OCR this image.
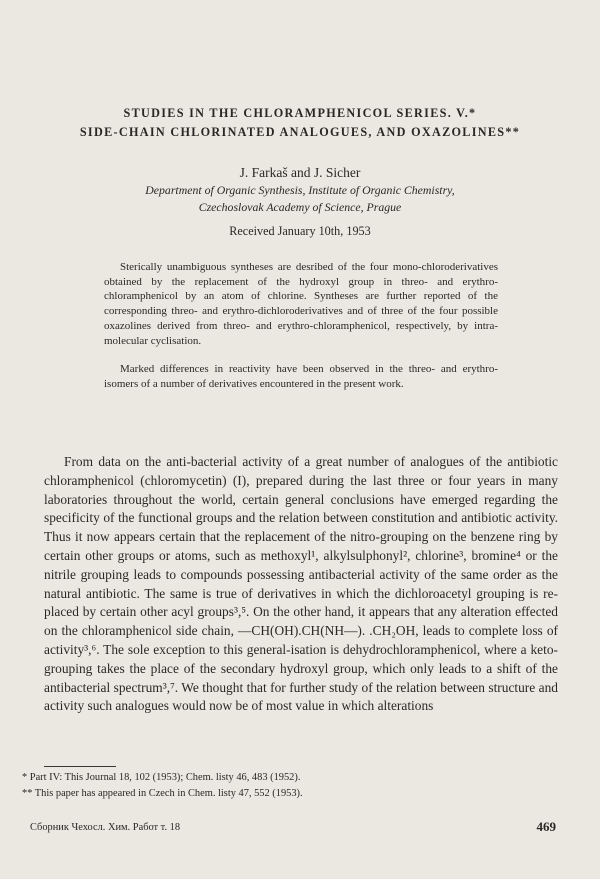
STUDIES IN THE CHLORAMPHENICOL SERIES. V.*
SIDE-CHAIN CHLORINATED ANALOGUES, AND OXAZOLINES**
J. Farkaš and J. Sicher
Department of Organic Synthesis, Institute of Organic Chemistry,
Czechoslovak Academy of Science, Prague
Received January 10th, 1953

Sterically unambiguous syntheses are desribed of the four mono-chloroderivatives obtained by the replacement of the hydroxyl group in threo- and erythro-chloramphenicol by an atom of chlorine. Syntheses are further reported of the corresponding threo- and erythro-dichloroderivatives and of three of the four possible oxazolines derived from threo- and erythro-chloramphenicol, respectively, by intra-molecular cyclisation.

Marked differences in reactivity have been observed in the threo- and erythro-isomers of a number of derivatives encountered in the present work.

From data on the anti-bacterial activity of a great number of analogues of the antibiotic chloramphenicol (chloromycetin) (I), prepared during the last three or four years in many laboratories throughout the world, certain general conclusions have emerged regarding the specificity of the functional groups and the relation between constitution and antibiotic activity. Thus it now appears certain that the replacement of the nitro-grouping on the benzene ring by certain other groups or atoms, such as methoxyl¹, alkylsulphonyl², chlorine³, bromine⁴ or the nitrile grouping leads to compounds possessing antibacterial activity of the same order as the natural antibiotic. The same is true of derivatives in which the dichloroacetyl grouping is re-placed by certain other acyl groups³,⁵. On the other hand, it appears that any alteration effected on the chloramphenicol side chain, —CH(OH).CH(NH—). .CH₂OH, leads to complete loss of activity³,⁶. The sole exception to this general-isation is dehydrochloramphenicol, where a keto-grouping takes the place of the secondary hydroxyl group, which only leads to a shift of the antibacterial spectrum³,⁷. We thought that for further study of the relation between structure and activity such analogues would now be of most value in which alterations

* Part IV: This Journal 18, 102 (1953); Chem. listy 46, 483 (1952).
** This paper has appeared in Czech in Chem. listy 47, 552 (1953).
Сборник Чехосл. Хим. Работ т. 18	469
